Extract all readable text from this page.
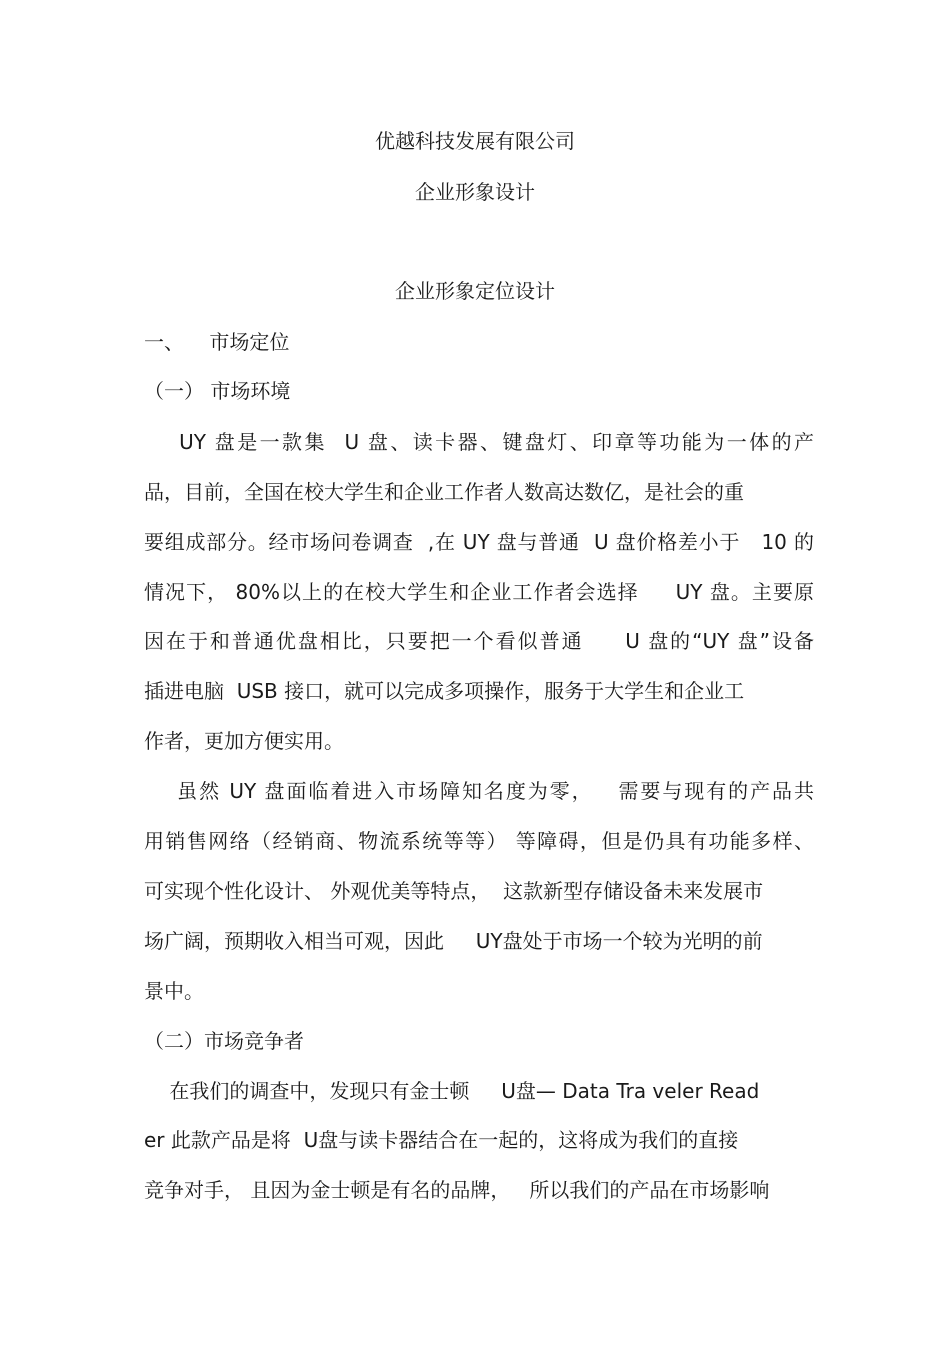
优越科技发展有限公司
企业形象设计
企业形象定位设计
一、    市场定位
（一） 市场环境
UY 盘是一款集  U 盘、读卡器、键盘灯、印章等功能为一体的产
品，目前，全国在校大学生和企业工作者人数高达数亿，是社会的重
要组成部分。经市场问卷调查  ,在 UY 盘与普通  U 盘价格差小于   10 的
情况下， 80%以上的在校大学生和企业工作者会选择     UY 盘。主要原
因在于和普通优盘相比，只要把一个看似普通     U 盘的“UY 盘”设备
插进电脑  USB 接口，就可以完成多项操作，服务于大学生和企业工
作者，更加方便实用。
虽然 UY 盘面临着进入市场障知名度为零，   需要与现有的产品共
用销售网络（经销商、物流系统等等） 等障碍，但是仍具有功能多样、
可实现个性化设计、 外观优美等特点，  这款新型存储设备未来发展市
场广阔，预期收入相当可观，因此     UY盘处于市场一个较为光明的前
景中。
（二）市场竞争者
在我们的调查中，发现只有金士顿     U盘— Data Tra veler Read
er 此款产品是将  U盘与读卡器结合在一起的，这将成为我们的直接
竞争对手， 且因为金士顿是有名的品牌，   所以我们的产品在市场影响
